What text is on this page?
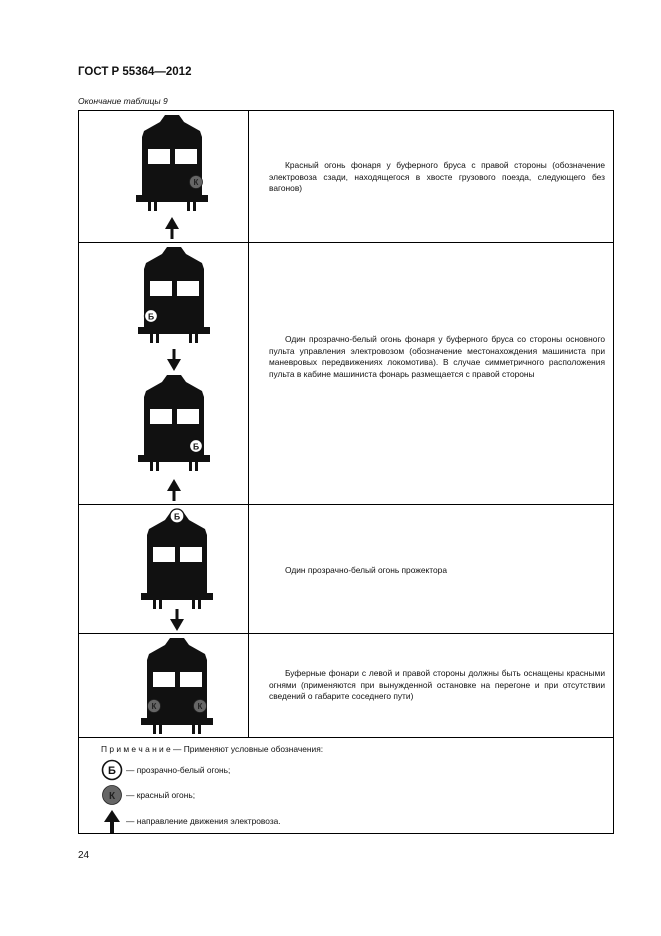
ГОСТ Р 55364—2012
Окончание таблицы 9
К
Красный огонь фонаря у буферного бруса с правой стороны (обозначение электровоза сзади, находящегося в хвосте грузового поезда, следующего без вагонов)
Б
Б
Один прозрачно-белый огонь фонаря у буферного бруса со стороны основного пульта управления электровозом (обозначение местонахождения машиниста при маневровых передвижениях локомотива). В случае симметричного расположения пульта в кабине машиниста фонарь размещается с правой стороны
Б
Один прозрачно-белый огонь прожектора
К	К
Буферные фонари с левой и правой стороны должны быть оснащены красными огнями (применяются при вынужденной остановке на перегоне и при отсутствии сведений о габарите соседнего пути)
П р и м е ч а н и е — Применяют условные обозначения:
Б — прозрачно-белый огонь;
К — красный огонь;
— направление движения электровоза.
24
